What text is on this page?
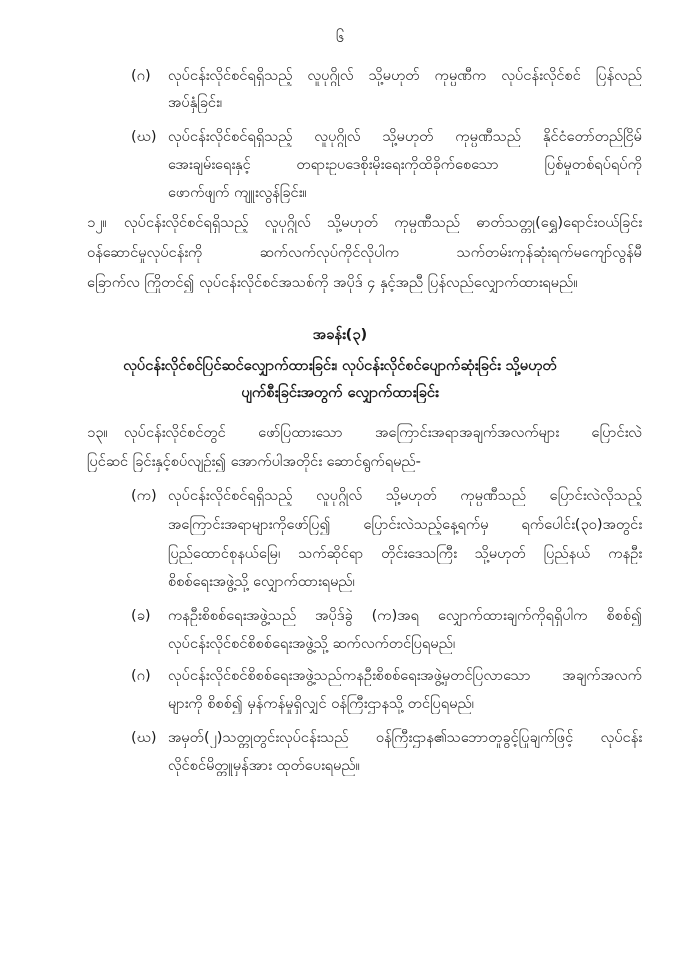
၆
(ဂ) လုပ်ငန်းလိုင်စင်ရရှိသည့် လူပုဂ္ဂိုလ် သို့မဟုတ် ကုမ္ပဏီက လုပ်ငန်းလိုင်စင် ပြန်လည်
အပ်နှံခြင်း၊
(ဃ) လုပ်ငန်းလိုင်စင်ရရှိသည့် လူပုဂ္ဂိုလ် သို့မဟုတ် ကုမ္ပဏီသည် နိုင်ငံတော်တည်ငြိမ်
အေးချမ်းရေးနှင့် တရားဥပဒေစိုးမိုးရေးကိုထိခိုက်စေသော ပြစ်မှုတစ်ရပ်ရပ်ကို
ဖောက်ဖျက် ကျူးလွန်ခြင်း။
၁၂။ လုပ်ငန်းလိုင်စင်ရရှိသည့် လူပုဂ္ဂိုလ် သို့မဟုတ် ကုမ္ပဏီသည် ဓာတ်သတ္တု(ရွှေ)ရောင်းဝယ်ခြင်း
ဝန်ဆောင်မှုလုပ်ငန်းကို ဆက်လက်လုပ်ကိုင်လိုပါက သက်တမ်းကုန်ဆုံးရက်မကျော်လွန်မီ
ခြောက်လ ကြိုတင်၍ လုပ်ငန်းလိုင်စင်အသစ်ကို အပိုဒ် ၄ နှင့်အညီ ပြန်လည်လျှောက်ထားရမည်။
အခန်း(၃)
လုပ်ငန်းလိုင်စင်ပြင်ဆင်လျှောက်ထားခြင်း၊ လုပ်ငန်းလိုင်စင်ပျောက်ဆုံးခြင်း သို့မဟုတ်
ပျက်စီးခြင်းအတွက် လျှောက်ထားခြင်း
၁၃။ လုပ်ငန်းလိုင်စင်တွင် ဖော်ပြထားသော အကြောင်းအရာအချက်အလက်များ ပြောင်းလဲ
ပြင်ဆင် ခြင်းနှင့်စပ်လျဉ်း၍ အောက်ပါအတိုင်း ဆောင်ရွက်ရမည်-
(က) လုပ်ငန်းလိုင်စင်ရရှိသည့် လူပုဂ္ဂိုလ် သို့မဟုတ် ကုမ္ပဏီသည် ပြောင်းလဲလိုသည့်
အကြောင်းအရာများကိုဖော်ပြ၍ ပြောင်းလဲသည့်နေ့ရက်မှ ရက်ပေါင်း(၃၀)အတွင်း
ပြည်ထောင်စုနယ်မြေ၊ သက်ဆိုင်ရာ တိုင်းဒေသကြီး သို့မဟုတ် ပြည်နယ် ကနဦး
စိစစ်ရေးအဖွဲ့သို့ လျှောက်ထားရမည်၊
(ခ) ကနဦးစိစစ်ရေးအဖွဲ့သည် အပိုဒ်ခွဲ (က)အရ လျှောက်ထားချက်ကိုရရှိပါက စိစစ်၍
လုပ်ငန်းလိုင်စင်စိစစ်ရေးအဖွဲ့သို့ ဆက်လက်တင်ပြရမည်၊
(ဂ) လုပ်ငန်းလိုင်စင်စိစစ်ရေးအဖွဲ့သည်ကနဦးစိစစ်ရေးအဖွဲ့မှတင်ပြလာသော အချက်အလက်
များကို စိစစ်၍ မှန်ကန်မှုရှိလျှင် ဝန်ကြီးဌာနသို့ တင်ပြရမည်၊
(ဃ) အမှတ်(၂)သတ္တုတွင်းလုပ်ငန်းသည် ဝန်ကြီးဌာန၏သဘောတူခွင့်ပြုချက်ဖြင့် လုပ်ငန်း
လိုင်စင်မိတ္တူမှန်အား ထုတ်ပေးရမည်။
